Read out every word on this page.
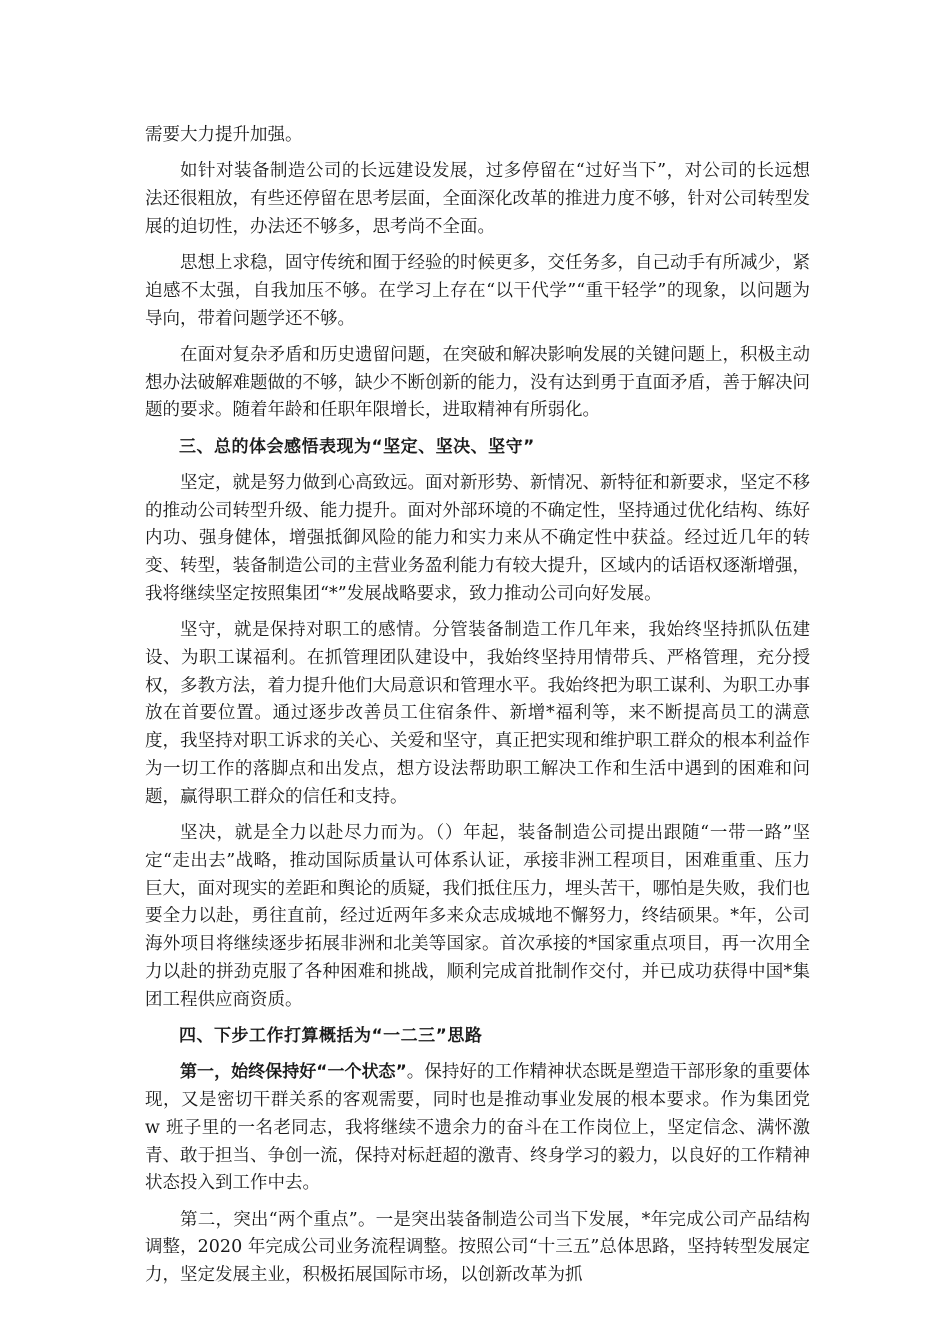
需要大力提升加强。

如针对装备制造公司的长远建设发展，过多停留在“过好当下”，对公司的长远想法还很粗放，有些还停留在思考层面，全面深化改革的推进力度不够，针对公司转型发展的迫切性，办法还不够多，思考尚不全面。

思想上求稳，固守传统和囿于经验的时候更多，交任务多，自己动手有所减少，紧迫感不太强，自我加压不够。在学习上存在“以干代学”“重干轻学”的现象，以问题为导向，带着问题学还不够。

在面对复杂矛盾和历史遗留问题，在突破和解决影响发展的关键问题上，积极主动想办法破解难题做的不够，缺少不断创新的能力，没有达到勇于直面矛盾，善于解决问题的要求。随着年龄和任职年限增长，进取精神有所弱化。

三、总的体会感悟表现为“坚定、坚决、坚守”

坚定，就是努力做到心高致远。面对新形势、新情况、新特征和新要求，坚定不移的推动公司转型升级、能力提升。面对外部环境的不确定性，坚持通过优化结构、练好内功、强身健体，增强抵御风险的能力和实力来从不确定性中获益。经过近几年的转变、转型，装备制造公司的主营业务盈利能力有较大提升，区域内的话语权逐渐增强，我将继续坚定按照集团“*”发展战略要求，致力推动公司向好发展。

坚守，就是保持对职工的感情。分管装备制造工作几年来，我始终坚持抓队伍建设、为职工谋福利。在抓管理团队建设中，我始终坚持用情带兵、严格管理，充分授权，多教方法，着力提升他们大局意识和管理水平。我始终把为职工谋利、为职工办事放在首要位置。通过逐步改善员工住宿条件、新增*福利等，来不断提高员工的满意度，我坚持对职工诉求的关心、关爱和坚守，真正把实现和维护职工群众的根本利益作为一切工作的落脚点和出发点，想方设法帮助职工解决工作和生活中遇到的困难和问题，赢得职工群众的信任和支持。

坚决，就是全力以赴尽力而为。（）年起，装备制造公司提出跟随“一带一路”坚定“走出去”战略，推动国际质量认可体系认证，承接非洲工程项目，困难重重、压力巨大，面对现实的差距和舆论的质疑，我们抵住压力，埋头苦干，哪怕是失败，我们也要全力以赴，勇往直前，经过近两年多来众志成城地不懈努力，终结硕果。*年，公司海外项目将继续逐步拓展非洲和北美等国家。首次承接的*国家重点项目，再一次用全力以赴的拼劲克服了各种困难和挑战，顺利完成首批制作交付，并已成功获得中国*集团工程供应商资质。

四、下步工作打算概括为“一二三”思路

第一，始终保持好“一个状态”。保持好的工作精神状态既是塑造干部形象的重要体现，又是密切干群关系的客观需要，同时也是推动事业发展的根本要求。作为集团党 w 班子里的一名老同志，我将继续不遗余力的奋斗在工作岗位上，坚定信念、满怀激青、敢于担当、争创一流，保持对标赶超的激青、终身学习的毅力，以良好的工作精神状态投入到工作中去。

第二，突出“两个重点”。一是突出装备制造公司当下发展，*年完成公司产品结构调整，2020 年完成公司业务流程调整。按照公司“十三五”总体思路，坚持转型发展定力，坚定发展主业，积极拓展国际市场，以创新改革为抓
